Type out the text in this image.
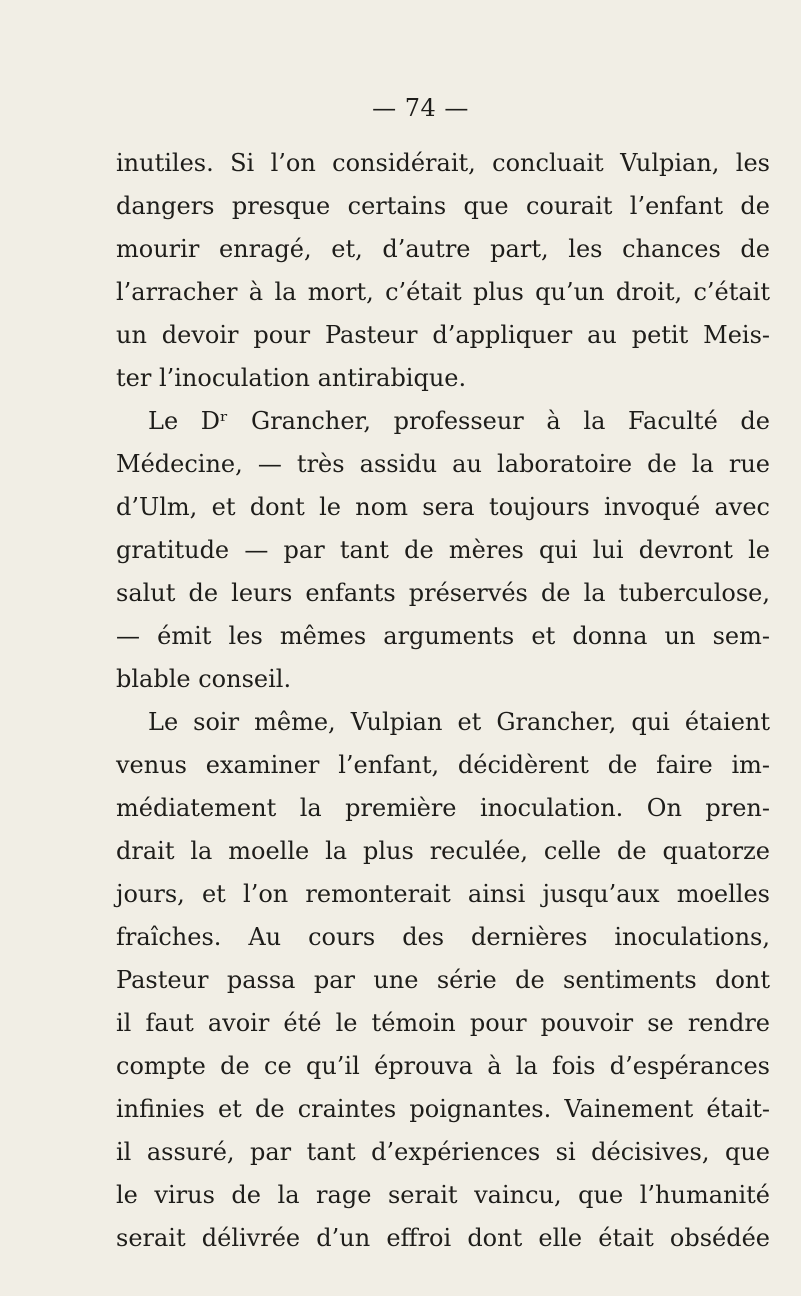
— 74 —
inutiles. Si l’on considérait, concluait Vulpian, les
dangers presque certains que courait l’enfant de
mourir enragé, et, d’autre part, les chances de
l’arracher à la mort, c’était plus qu’un droit, c’était
un devoir pour Pasteur d’appliquer au petit Meis-
ter l’inoculation antirabique.
Le Dʳ Grancher, professeur à la Faculté de
Médecine, — très assidu au laboratoire de la rue
d’Ulm, et dont le nom sera toujours invoqué avec
gratitude — par tant de mères qui lui devront le
salut de leurs enfants préservés de la tuberculose,
— émit les mêmes arguments et donna un sem-
blable conseil.
Le soir même, Vulpian et Grancher, qui étaient
venus examiner l’enfant, décidèrent de faire im-
médiatement la première inoculation. On pren-
drait la moelle la plus reculée, celle de quatorze
jours, et l’on remonterait ainsi jusqu’aux moelles
fraîches. Au cours des dernières inoculations,
Pasteur passa par une série de sentiments dont
il faut avoir été le témoin pour pouvoir se rendre
compte de ce qu’il éprouva à la fois d’espérances
infinies et de craintes poignantes. Vainement était-
il assuré, par tant d’expériences si décisives, que
le virus de la rage serait vaincu, que l’humanité
serait délivrée d’un effroi dont elle était obsédée
